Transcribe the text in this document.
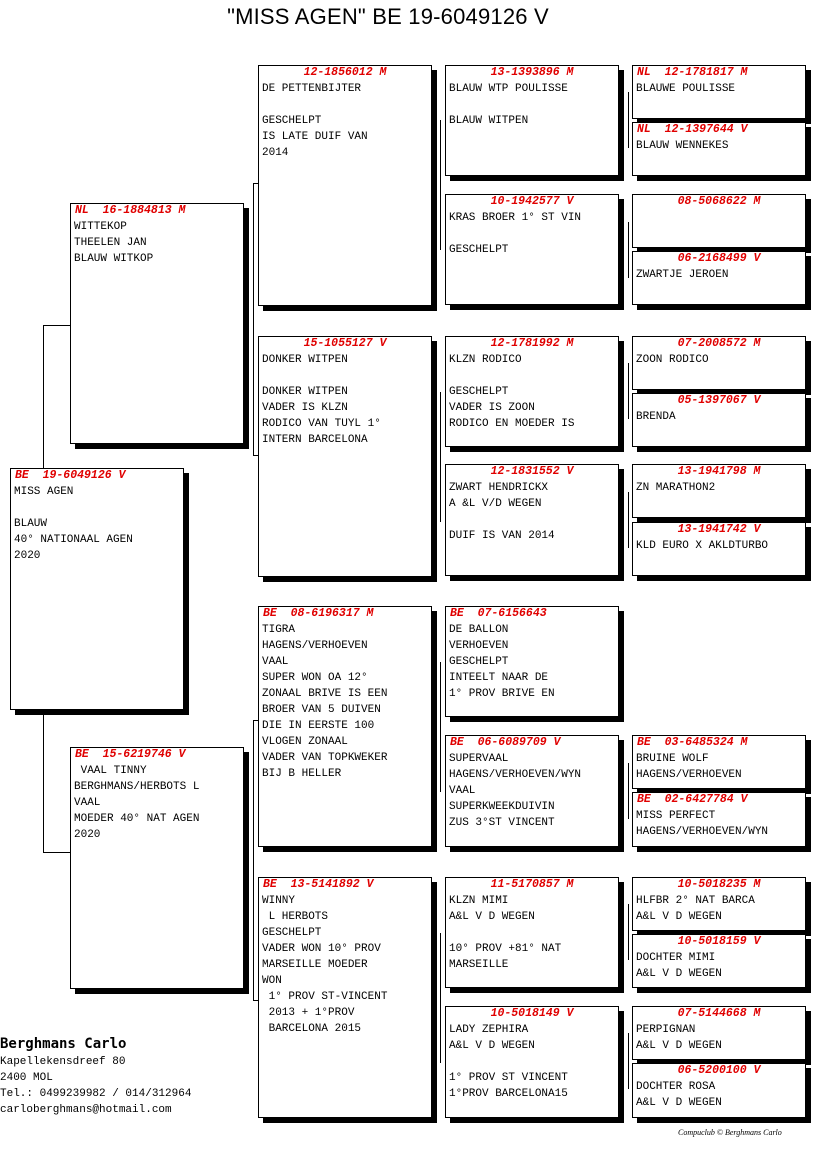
"MISS AGEN" BE 19-6049126 V
BE  19-6049126 V
MISS AGEN

BLAUW
40° NATIONAAL AGEN
2020
NL  16-1884813 M
WITTEKOP
THEELEN JAN
BLAUW WITKOP
BE  15-6219746 V
VAAL TINNY
BERGHMANS/HERBOTS L
VAAL
MOEDER 40° NAT AGEN
2020
12-1856012 M
DE PETTENBIJTER

GESCHELPT
IS LATE DUIF VAN
2014
15-1055127 V
DONKER WITPEN

DONKER WITPEN
VADER IS KLZN
RODICO VAN TUYL 1°
INTERN BARCELONA
BE  08-6196317 M
TIGRA
HAGENS/VERHOEVEN
VAAL
SUPER WON OA 12°
ZONAAL BRIVE IS EEN
BROER VAN 5 DUIVEN
DIE IN EERSTE 100
VLOGEN ZONAAL
VADER VAN TOPKWEKER
BIJ B HELLER
BE  13-5141892 V
WINNY
L HERBOTS
GESCHELPT
VADER WON 10° PROV
MARSEILLE MOEDER
WON
1° PROV ST-VINCENT
2013 + 1°PROV
BARCELONA 2015
13-1393896 M
BLAUW WTP POULISSE

BLAUW WITPEN
10-1942577 V
KRAS BROER 1° ST VIN

GESCHELPT
12-1781992 M
KLZN RODICO

GESCHELPT
VADER IS ZOON
RODICO EN MOEDER IS
12-1831552 V
ZWART HENDRICKX
A &L V/D WEGEN

DUIF IS VAN 2014
BE  07-6156643
DE BALLON
VERHOEVEN
GESCHELPT
INTEELT NAAR DE
1° PROV BRIVE EN
BE  06-6089709 V
SUPERVAAL
HAGENS/VERHOEVEN/WYN
VAAL
SUPERKWEEKDUIVIN
ZUS 3°ST VINCENT
11-5170857 M
KLZN MIMI
A&L V D WEGEN

10° PROV +81° NAT
MARSEILLE
10-5018149 V
LADY ZEPHIRA
A&L V D WEGEN

1° PROV ST VINCENT
1°PROV BARCELONA15
NL  12-1781817 M
BLAUWE POULISSE
NL  12-1397644 V
BLAUW WENNEKES
08-5068622 M
06-2168499 V
ZWARTJE JEROEN
07-2008572 M
ZOON RODICO
05-1397067 V
BRENDA
13-1941798 M
ZN MARATHON2
13-1941742 V
KLD EURO X AKLDTURBO
BE  03-6485324 M
BRUINE WOLF
HAGENS/VERHOEVEN
BE  02-6427784 V
MISS PERFECT
HAGENS/VERHOEVEN/WYN
10-5018235 M
HLFBR 2° NAT BARCA
A&L V D WEGEN
10-5018159 V
DOCHTER MIMI
A&L V D WEGEN
07-5144668 M
PERPIGNAN
A&L V D WEGEN
06-5200100 V
DOCHTER ROSA
A&L V D WEGEN
Berghmans Carlo
Kapellekensdreef 80
2400 MOL
Tel.: 0499239982 / 014/312964
carloberghmans@hotmail.com
Compuclub © Berghmans Carlo
